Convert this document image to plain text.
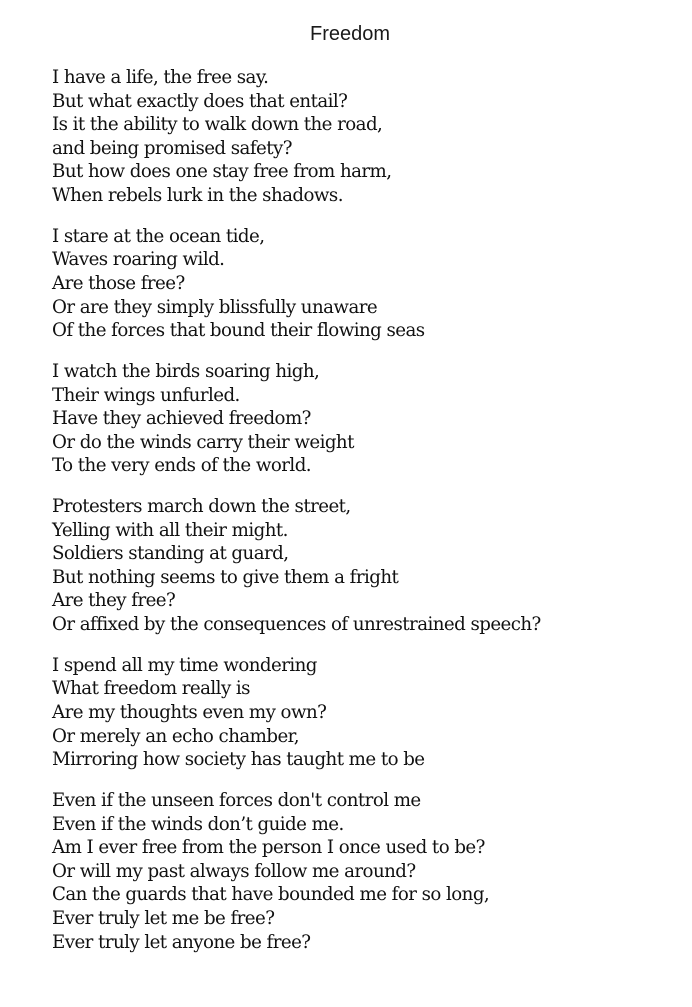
Freedom
I have a life, the free say.
But what exactly does that entail?
Is it the ability to walk down the road,
and being promised safety?
But how does one stay free from harm,
When rebels lurk in the shadows.
I stare at the ocean tide,
Waves roaring wild.
Are those free?
Or are they simply blissfully unaware
Of the forces that bound their flowing seas
I watch the birds soaring high,
Their wings unfurled.
Have they achieved freedom?
Or do the winds carry their weight
To the very ends of the world.
Protesters march down the street,
Yelling with all their might.
Soldiers standing at guard,
But nothing seems to give them a fright
Are they free?
Or affixed by the consequences of unrestrained speech?
I spend all my time wondering
What freedom really is
Are my thoughts even my own?
Or merely an echo chamber,
Mirroring how society has taught me to be
Even if the unseen forces don't control me
Even if the winds don’t guide me.
Am I ever free from the person I once used to be?
Or will my past always follow me around?
Can the guards that have bounded me for so long,
Ever truly let me be free?
Ever truly let anyone be free?
